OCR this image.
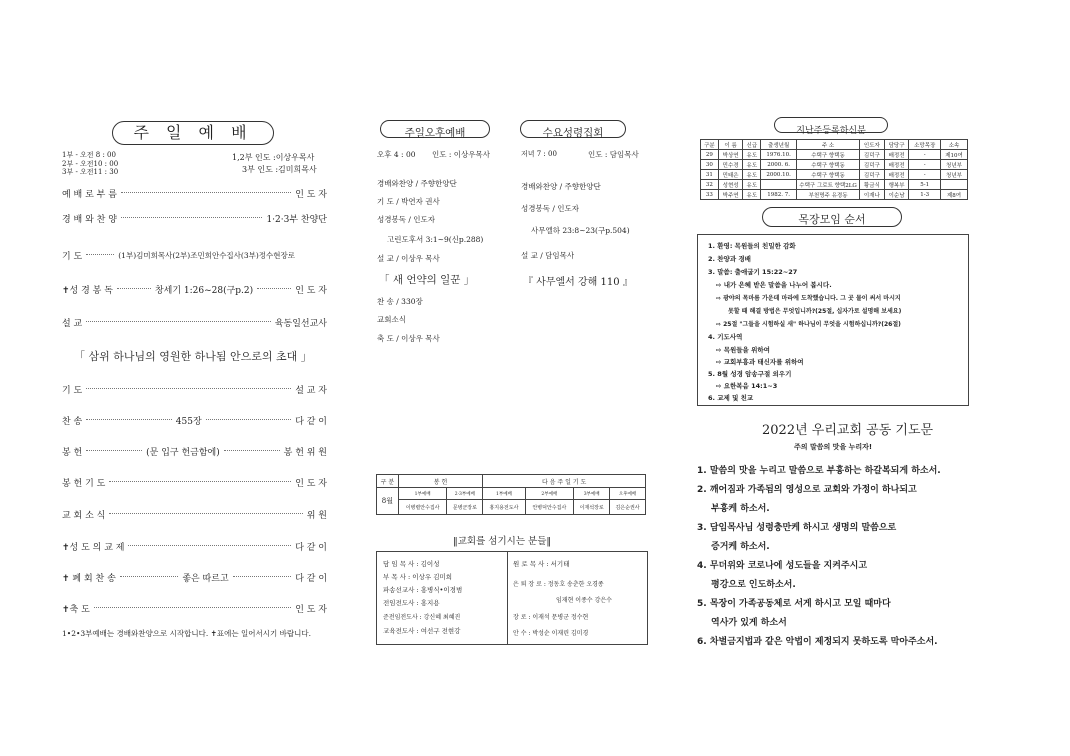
주 일 예 배
1부 - 오전 8 : 00
2부 - 오전10 : 00
3부 - 오전11 : 30
1,2부 인도 :이상우목사
3부 인도 :김미희목사
예 배 로 부 름	인 도 자
경 배 와 찬 양	1·2·3부 찬양단
기 도	(1부)김미희목사(2부)조민희안수집사(3부)정수현장로
✝성 경 봉 독	창세기 1:26~28(구p.2)	인 도 자
설 교	육동일선교사
「 삼위 하나님의 영원한 하나됨 안으로의 초대 」
기 도	설 교 자
찬 송	455장	다 같 이
봉 헌	(문 입구 헌금함에)	봉 헌 위 원
봉 헌 기 도	인 도 자
교 회 소 식	위 원
✝성 도 의 교 제	다 같 이
✝ 폐 회 찬 송	좋은 따르고	다 같 이
✝축 도	인 도 자
1•2•3부예배는 경배와찬양으로 시작합니다. ✝표에는 일어서시기 바랍니다.
주일오후예배
오후 4 : 00 인도 : 이상우목사
경배와찬양 / 주향한양단
기 도 / 박연자 권사
성경봉독 / 인도자
고린도후서 3:1~9(신p.288)
설 교 / 이상우 목사
「 새 언약의 일꾼 」
찬 송 / 330장
교회소식
축 도 / 이상우 목사
수요성령집회
저녁 7 : 00	인도 : 담임목사
경배와찬양 / 주향한양단
성경봉독 / 인도자
사무엘하 23:8~23(구p.504)
설 교 / 담임목사
『 사무엘서 강해 110 』
구 분	봉 헌		다 음 주 일 기 도			
8월	1부예배	2·3부예배	1부예배	2부예배	3부예배	오후예배
	이병렬안수집사	문병군장로	홍지용전도사	안병덕안수집사	이재석장로	김은순권사
‖교회를 섬기시는 분들‖
담 임 목 사 : 김이성
부 목 사 : 이상우 김미희
파송선교사 : 홍병식•이경범
전임전도사 : 홍지용
준전임전도사 : 강신혜 최혜진
교육전도사 : 여선구 전현강
원 로 목 사 : 서기태
은 퇴 장 로 : 정동호 송춘한 오경종
임재현 이종수 강은수
장 로 : 이재석 문병군 정수현
안 수 : 박성순 이재린 김미경
지난주등록하신분
구분	이 름	신급	출생년월	주 소	인도자	담당구	소망목장	소속
29	박상연	유도	1976.10.	수택구 향택동	김덕구	배정전	-	제10여
30	민수경	유도	2000. 6.	수택구 향택동	김덕구	배정전	-	청년부
31	민태은	유도	2000.10.	수택구 향택동	김덕구	배정전	-	청년부
32	성현성	유도		수택구 그로트 향택2LG	황금식	행복부	5-1	
33	박주연	유도	1982. 7.	부천명주 유경동	이재나	이순남	1-3	제8여
목장모임 순서
1. 환영: 목원들의 친밀한 감화
2. 찬양과 경배
3. 말씀: 출애굽기 15:22~27
⇨ 내가 은혜 받은 말씀을 나누어 봅시다.
⇨ 광야의 목마름 가운데 마라에 도착했습니다. 그 곳 물이 써서 마시지
못할 때 해결 방법은 무엇입니까?(25절, 십자가로 설명해 보세요)
⇨ 25절 "그들을 시험하실 새" 하나님이 무엇을 시험하십니까?(26절)
4. 기도사역
⇨ 목원들을 위하여
⇨ 교회부흥과 태신자를 위하여
5. 8월 성경 암송구절 외우기
⇨ 요한복음 14:1~3
6. 교제 및 친교
2022년 우리교회 공동 기도문
주의 말씀의 맛을 누리자!
1. 말씀의 맛을 누리고 말씀으로 부흥하는 하갈복되게 하소서.
2. 깨어짐과 가족됨의 영성으로 교회와 가정이 하나되고
부흥케 하소서.
3. 담임목사님 성령충만케 하시고 생명의 말씀으로
증거케 하소서.
4. 무더위와 코로나에 성도들을 지켜주시고
평강으로 인도하소서.
5. 목장이 가족공동체로 서게 하시고 모일 때마다
역사가 있게 하소서
6. 차별금지법과 같은 악법이 제정되지 못하도록 막아주소서.
